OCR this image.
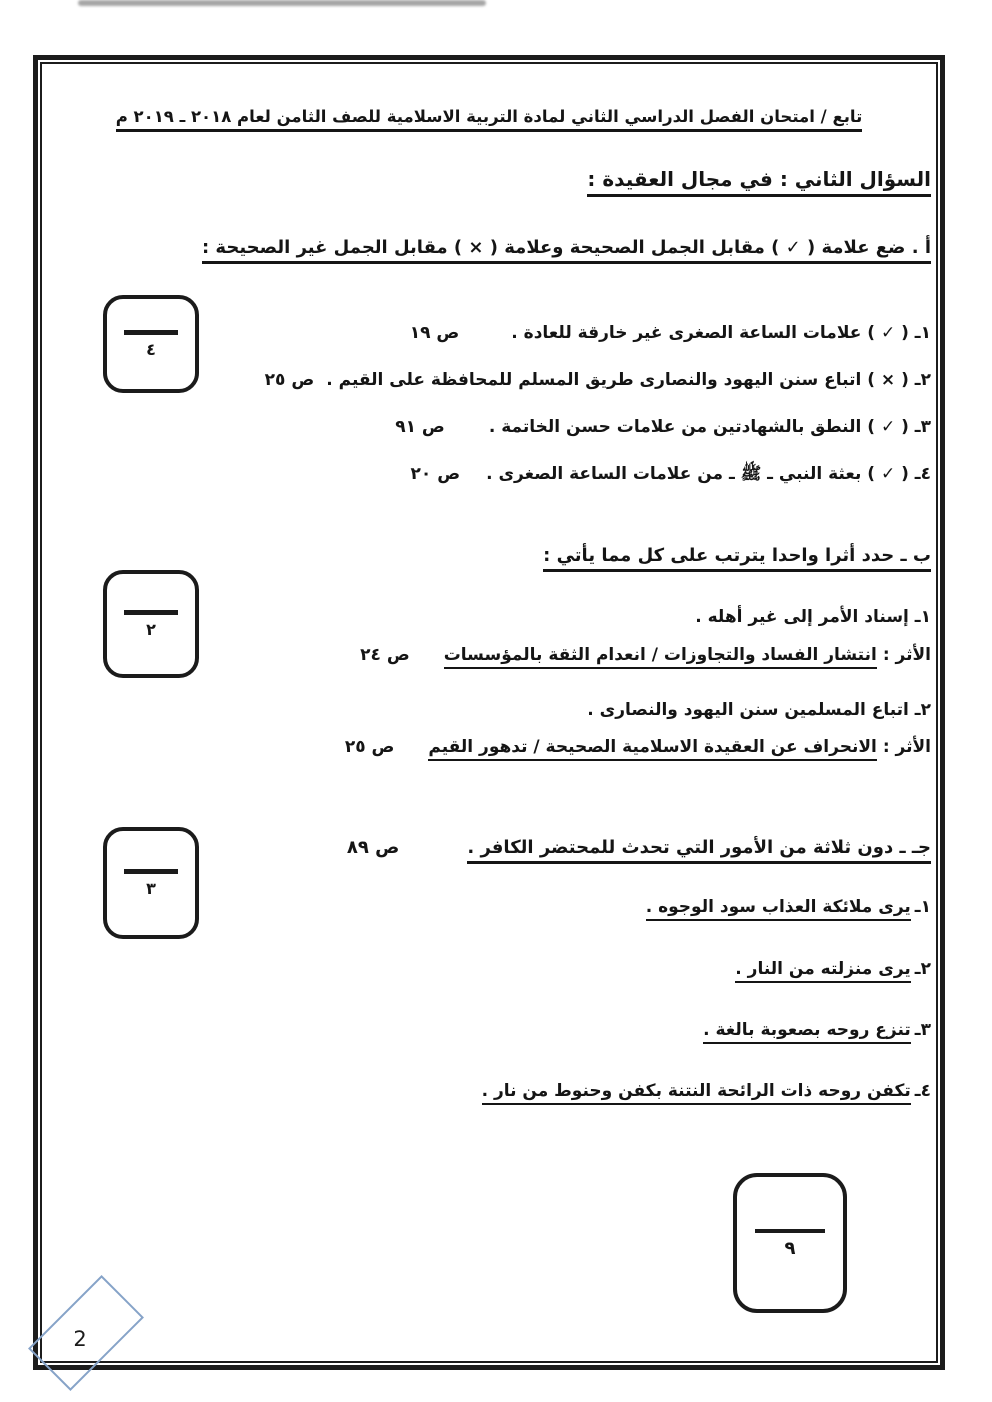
تابع / امتحان الفصل الدراسي الثاني لمادة التربية الاسلامية للصف الثامن لعام ٢٠١٨ ـ ٢٠١٩ م
السؤال الثاني : في مجال العقيدة :
أ . ضع علامة ( ✓ ) مقابل الجمل الصحيحة وعلامة ( × ) مقابل الجمل غير الصحيحة :
٤
١ـ ( ✓ ) علامات الساعة الصغرى غير خارقة للعادة .
ص ١٩
٢ـ ( × ) اتباع سنن اليهود والنصارى طريق المسلم للمحافظة على القيم .
ص ٢٥
٣ـ ( ✓ ) النطق بالشهادتين من علامات حسن الخاتمة .
ص ٩١
٤ـ ( ✓ ) بعثة النبي ـ ﷺ ـ من علامات الساعة الصغرى .
ص ٢٠
ب ـ حدد أثرا واحدا يترتب على كل مما يأتي :
٢
١ـ إسناد الأمر إلى غير أهله .
الأثر :
انتشار الفساد والتجاوزات / انعدام الثقة بالمؤسسات
ص ٢٤
٢ـ اتباع المسلمين سنن اليهود والنصارى .
الأثر :
الانحراف عن العقيدة الاسلامية الصحيحة / تدهور القيم
ص ٢٥
جـ ـ دون ثلاثة من الأمور التي تحدث للمحتضر الكافر .
ص ٨٩
٣
١ـ
يرى ملائكة العذاب سود الوجوه .
٢ـ
يرى منزلته من النار .
٣ـ
تنزع روحه بصعوبة بالغة .
٤ـ
تكفن روحه ذات الرائحة النتنة بكفن وحنوط من نار .
٩
2
